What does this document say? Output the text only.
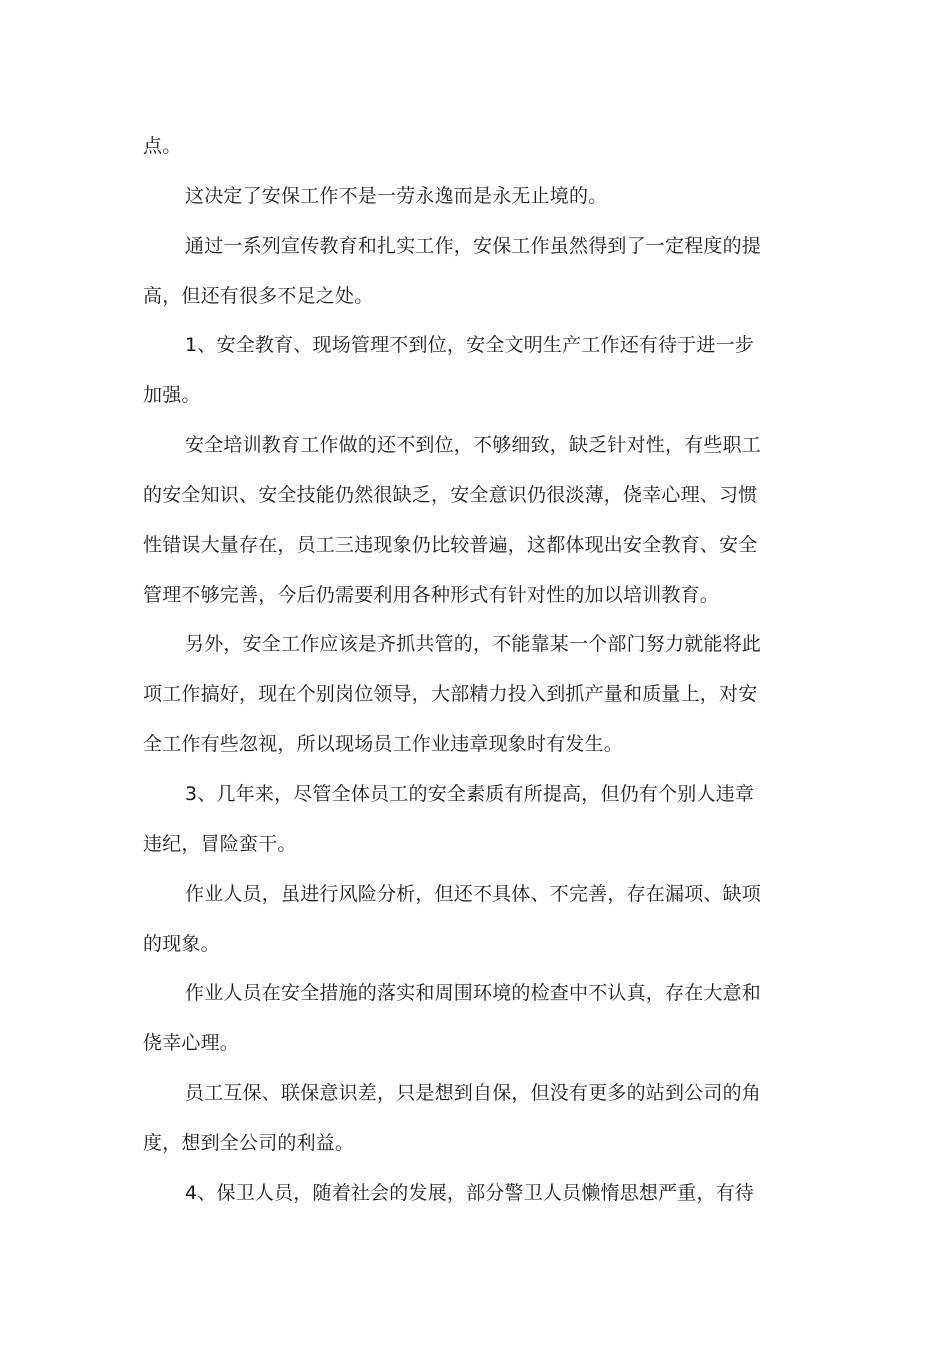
点。
这决定了安保工作不是一劳永逸而是永无止境的。
通过一系列宣传教育和扎实工作，安保工作虽然得到了一定程度的提
高，但还有很多不足之处。
1、安全教育、现场管理不到位，安全文明生产工作还有待于进一步
加强。
安全培训教育工作做的还不到位，不够细致，缺乏针对性，有些职工
的安全知识、安全技能仍然很缺乏，安全意识仍很淡薄，侥幸心理、习惯
性错误大量存在，员工三违现象仍比较普遍，这都体现出安全教育、安全
管理不够完善，今后仍需要利用各种形式有针对性的加以培训教育。
另外，安全工作应该是齐抓共管的，不能靠某一个部门努力就能将此
项工作搞好，现在个别岗位领导，大部精力投入到抓产量和质量上，对安
全工作有些忽视，所以现场员工作业违章现象时有发生。
3、几年来，尽管全体员工的安全素质有所提高，但仍有个别人违章
违纪，冒险蛮干。
作业人员，虽进行风险分析，但还不具体、不完善，存在漏项、缺项
的现象。
作业人员在安全措施的落实和周围环境的检查中不认真，存在大意和
侥幸心理。
员工互保、联保意识差，只是想到自保，但没有更多的站到公司的角
度，想到全公司的利益。
4、保卫人员，随着社会的发展，部分警卫人员懒惰思想严重，有待
